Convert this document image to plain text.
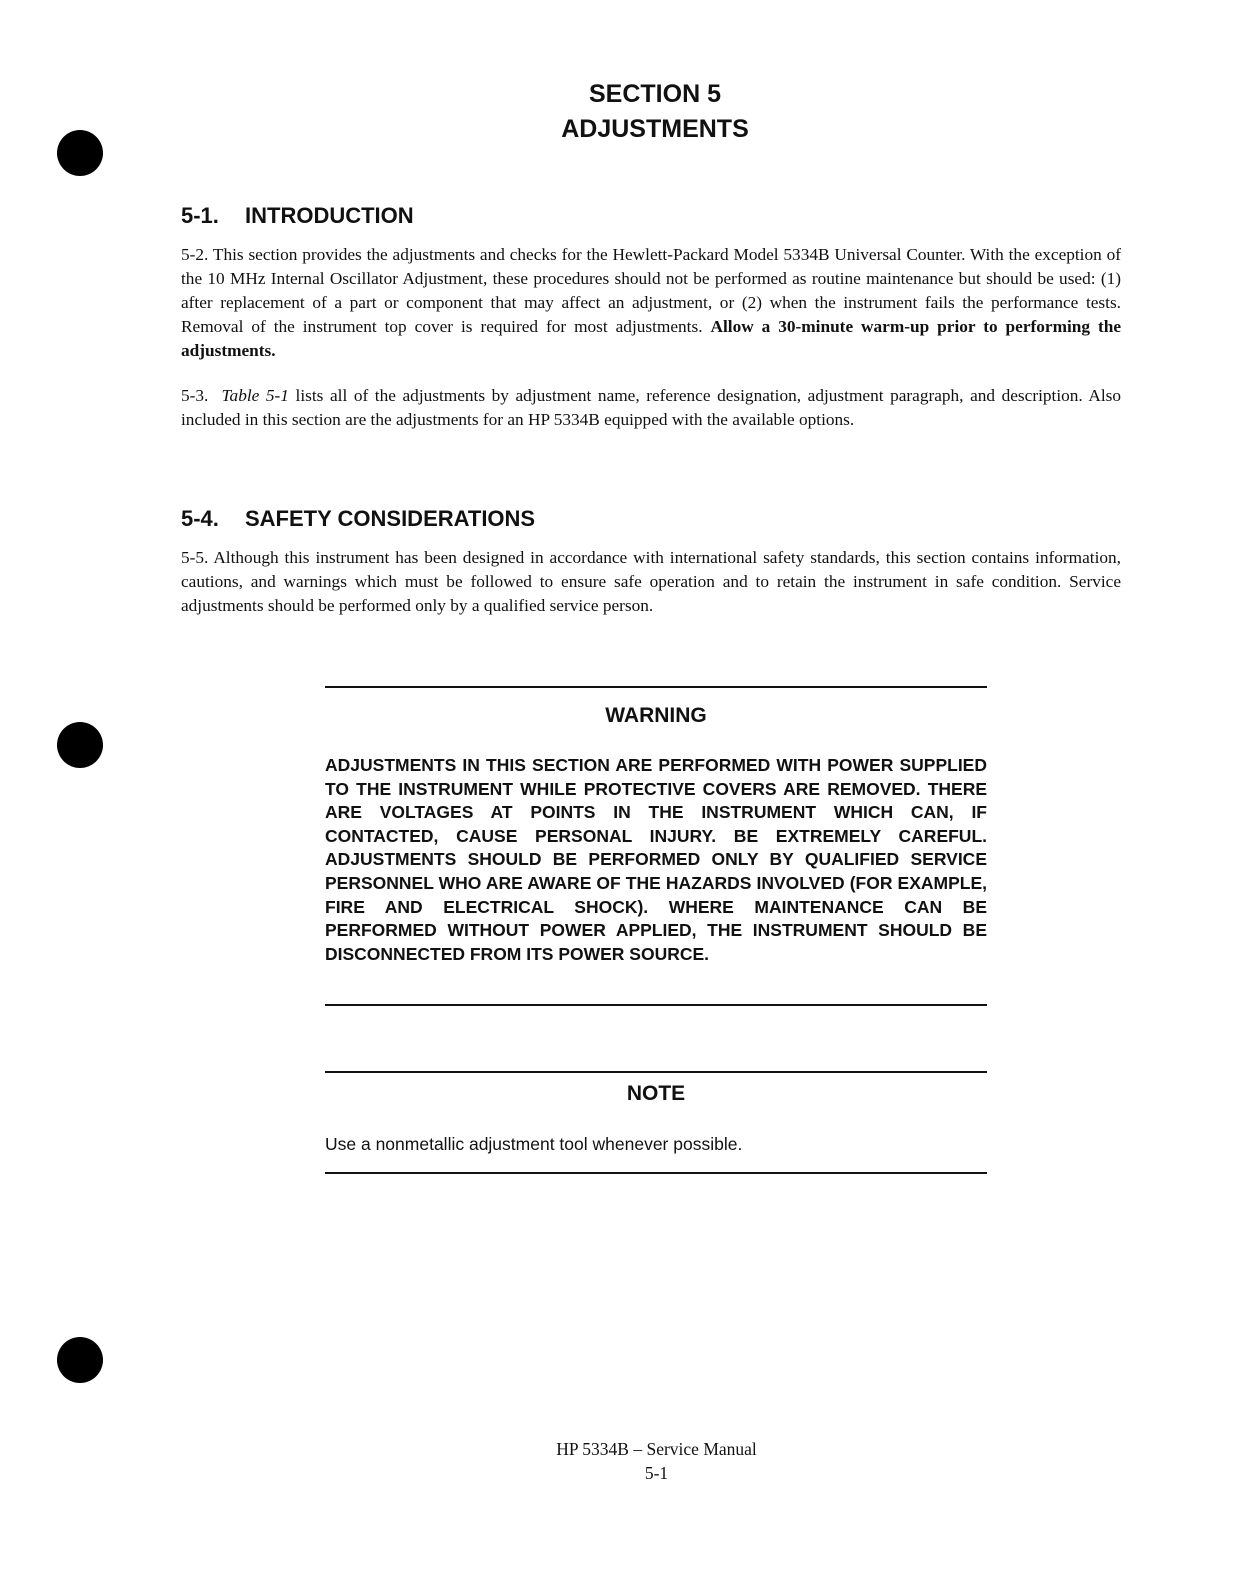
SECTION 5
ADJUSTMENTS
5-1. INTRODUCTION

5-2. This section provides the adjustments and checks for the Hewlett-Packard Model 5334B Universal Counter. With the exception of the 10 MHz Internal Oscillator Adjustment, these procedures should not be performed as routine maintenance but should be used: (1) after replacement of a part or component that may affect an adjustment, or (2) when the instrument fails the performance tests. Removal of the instrument top cover is required for most adjustments. Allow a 30-minute warm-up prior to performing the adjustments.

5-3. Table 5-1 lists all of the adjustments by adjustment name, reference designation, adjustment paragraph, and description. Also included in this section are the adjustments for an HP 5334B equipped with the available options.

5-4. SAFETY CONSIDERATIONS

5-5. Although this instrument has been designed in accordance with international safety standards, this section contains information, cautions, and warnings which must be followed to ensure safe operation and to retain the instrument in safe condition. Service adjustments should be performed only by a qualified service person.

WARNING

ADJUSTMENTS IN THIS SECTION ARE PERFORMED WITH POWER SUPPLIED TO THE INSTRUMENT WHILE PROTECTIVE COVERS ARE REMOVED. THERE ARE VOLTAGES AT POINTS IN THE INSTRUMENT WHICH CAN, IF CONTACTED, CAUSE PERSONAL INJURY. BE EXTREMELY CAREFUL. ADJUSTMENTS SHOULD BE PERFORMED ONLY BY QUALIFIED SERVICE PERSONNEL WHO ARE AWARE OF THE HAZARDS INVOLVED (FOR EXAMPLE, FIRE AND ELECTRICAL SHOCK). WHERE MAINTENANCE CAN BE PERFORMED WITHOUT POWER APPLIED, THE INSTRUMENT SHOULD BE DISCONNECTED FROM ITS POWER SOURCE.

NOTE

Use a nonmetallic adjustment tool whenever possible.

HP 5334B – Service Manual
5-1
